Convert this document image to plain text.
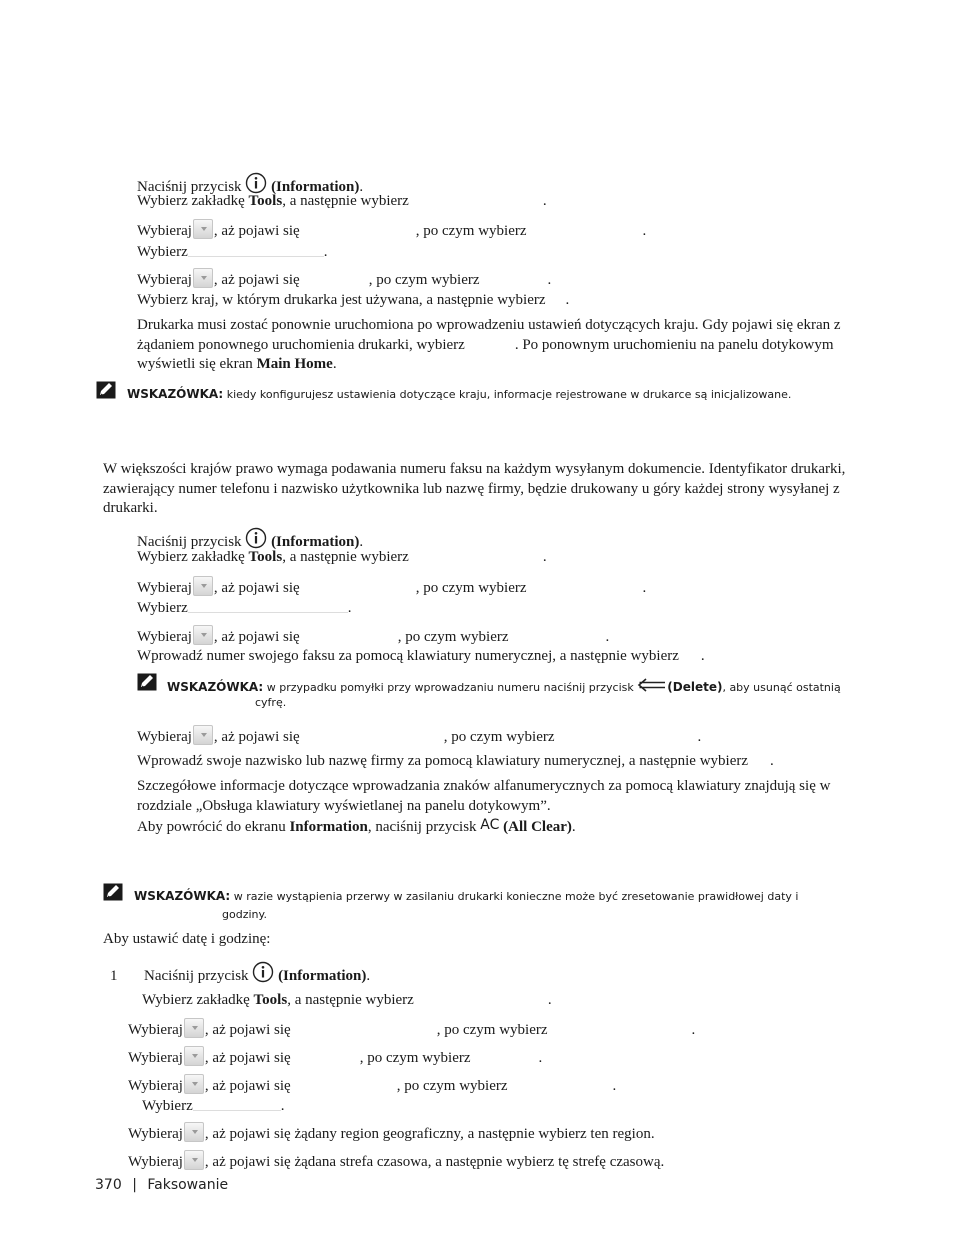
Naciśnij przycisk (Information).
Wybierz zakładkę Tools, a następnie wybierz	.
Wybieraj , aż pojawi się	, po czym wybierz	.
Wybierz	.
Wybieraj , aż pojawi się	, po czym wybierz	.
Wybierz kraj, w którym drukarka jest używana, a następnie wybierz .
Drukarka musi zostać ponownie uruchomiona po wprowadzeniu ustawień dotyczących kraju. Gdy pojawi się ekran z żądaniem ponownego uruchomienia drukarki, wybierz	. Po ponownym uruchomieniu na panelu dotykowym wyświetli się ekran Main Home.
WSKAZÓWKA: kiedy konfigurujesz ustawienia dotyczące kraju, informacje rejestrowane w drukarce są inicjalizowane.
W większości krajów prawo wymaga podawania numeru faksu na każdym wysyłanym dokumencie. Identyfikator drukarki, zawierający numer telefonu i nazwisko użytkownika lub nazwę firmy, będzie drukowany u góry każdej strony wysyłanej z drukarki.
Naciśnij przycisk (Information).
Wybierz zakładkę Tools, a następnie wybierz	.
Wybieraj , aż pojawi się	, po czym wybierz	.
Wybierz	.
Wybieraj , aż pojawi się	, po czym wybierz	.
Wprowadź numer swojego faksu za pomocą klawiatury numerycznej, a następnie wybierz .
WSKAZÓWKA: w przypadku pomyłki przy wprowadzaniu numeru naciśnij przycisk	(Delete), aby usunąć ostatnią
cyfrę.
Wybieraj , aż pojawi się	, po czym wybierz	.
Wprowadź swoje nazwisko lub nazwę firmy za pomocą klawiatury numerycznej, a następnie wybierz .
Szczegółowe informacje dotyczące wprowadzania znaków alfanumerycznych za pomocą klawiatury znajdują się w rozdziale „Obsługa klawiatury wyświetlanej na panelu dotykowym”.
Aby powrócić do ekranu Information, naciśnij przycisk AC (All Clear).
WSKAZÓWKA: w razie wystąpienia przerwy w zasilaniu drukarki konieczne może być zresetowanie prawidłowej daty i
godziny.
Aby ustawić datę i godzinę:
1 Naciśnij przycisk (Information).
Wybierz zakładkę Tools, a następnie wybierz	.
Wybieraj , aż pojawi się	, po czym wybierz	.
Wybieraj , aż pojawi się	, po czym wybierz	.
Wybieraj , aż pojawi się	, po czym wybierz	.
Wybierz	.
Wybieraj , aż pojawi się żądany region geograficzny, a następnie wybierz ten region.
Wybieraj , aż pojawi się żądana strefa czasowa, a następnie wybierz tę strefę czasową.
370 | Faksowanie
